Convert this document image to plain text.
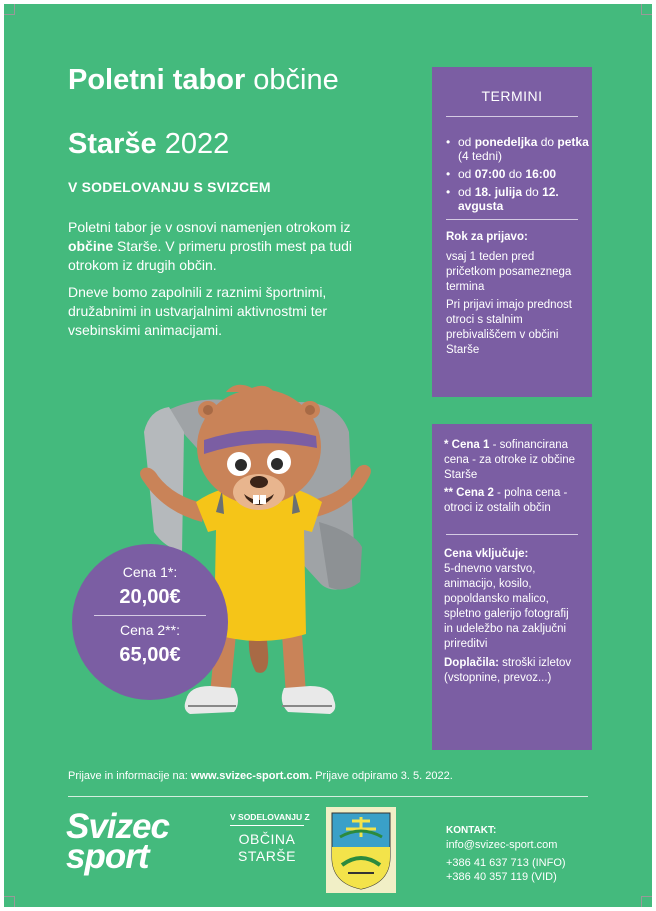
Poletni tabor občine
Starše 2022
V SODELOVANJU S SVIZCEM

Poletni tabor je v osnovi namenjen otrokom iz občine Starše. V primeru prostih mest pa tudi otrokom iz drugih občin.

Dneve bomo zapolnili z raznimi športnimi, družabnimi in ustvarjalnimi aktivnostmi ter vsebinskimi animacijami.

Cena 1*:
20,00€
Cena 2**:
65,00€
TERMINI
• od ponedeljka do petka (4 tedni)
• od 07:00 do 16:00
• od 18. julija do 12. avgusta
Rok za prijavo:
vsaj 1 teden pred pričetkom posameznega termina
Pri prijavi imajo prednost otroci s stalnim prebivališčem v občini Starše
* Cena 1 - sofinancirana cena - za otroke iz občine Starše
** Cena 2 - polna cena - otroci iz ostalih občin
Cena vključuje:
5-dnevno varstvo, animacijo, kosilo, popoldansko malico, spletno galerijo fotografij in udeležbo na zaključni prireditvi
Doplačila: stroški izletov (vstopnine, prevoz...)
Prijave in informacije na: www.svizec-sport.com. Prijave odpiramo 3. 5. 2022.
Svizec
sport
V SODELOVANJU Z
OBČINA
STARŠE
KONTAKT:
info@svizec-sport.com
+386 41 637 713 (INFO)
+386 40 357 119 (VID)
